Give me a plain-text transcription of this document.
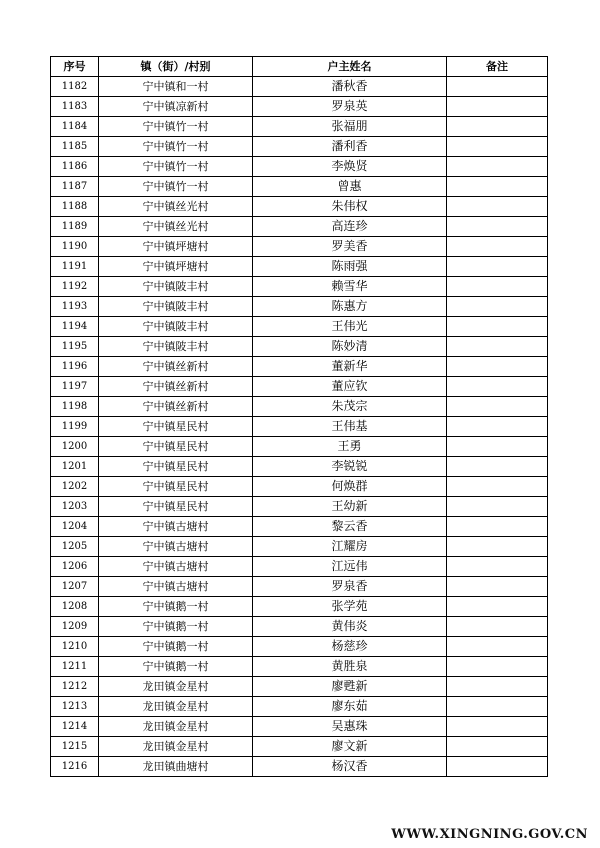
序号	镇（街）/村别	户主姓名	备注
1182	宁中镇和一村	潘秋香	
1183	宁中镇凉新村	罗泉英	
1184	宁中镇竹一村	张福朋	
1185	宁中镇竹一村	潘利香	
1186	宁中镇竹一村	李焕贤	
1187	宁中镇竹一村	曾惠	
1188	宁中镇丝光村	朱伟权	
1189	宁中镇丝光村	高连珍	
1190	宁中镇坪塘村	罗美香	
1191	宁中镇坪塘村	陈雨强	
1192	宁中镇陂丰村	赖雪华	
1193	宁中镇陂丰村	陈惠方	
1194	宁中镇陂丰村	王伟光	
1195	宁中镇陂丰村	陈妙清	
1196	宁中镇丝新村	董新华	
1197	宁中镇丝新村	董应钦	
1198	宁中镇丝新村	朱茂宗	
1199	宁中镇星民村	王伟基	
1200	宁中镇星民村	王勇	
1201	宁中镇星民村	李锐锐	
1202	宁中镇星民村	何焕群	
1203	宁中镇星民村	王幼新	
1204	宁中镇古塘村	黎云香	
1205	宁中镇古塘村	江耀房	
1206	宁中镇古塘村	江远伟	
1207	宁中镇古塘村	罗泉香	
1208	宁中镇鹅一村	张学苑	
1209	宁中镇鹅一村	黄伟炎	
1210	宁中镇鹅一村	杨慈珍	
1211	宁中镇鹅一村	黄胜泉	
1212	龙田镇金星村	廖甦新	
1213	龙田镇金星村	廖东茹	
1214	龙田镇金星村	吴惠珠	
1215	龙田镇金星村	廖文新	
1216	龙田镇曲塘村	杨汉香	
WWW.XINGNING.GOV.CN
